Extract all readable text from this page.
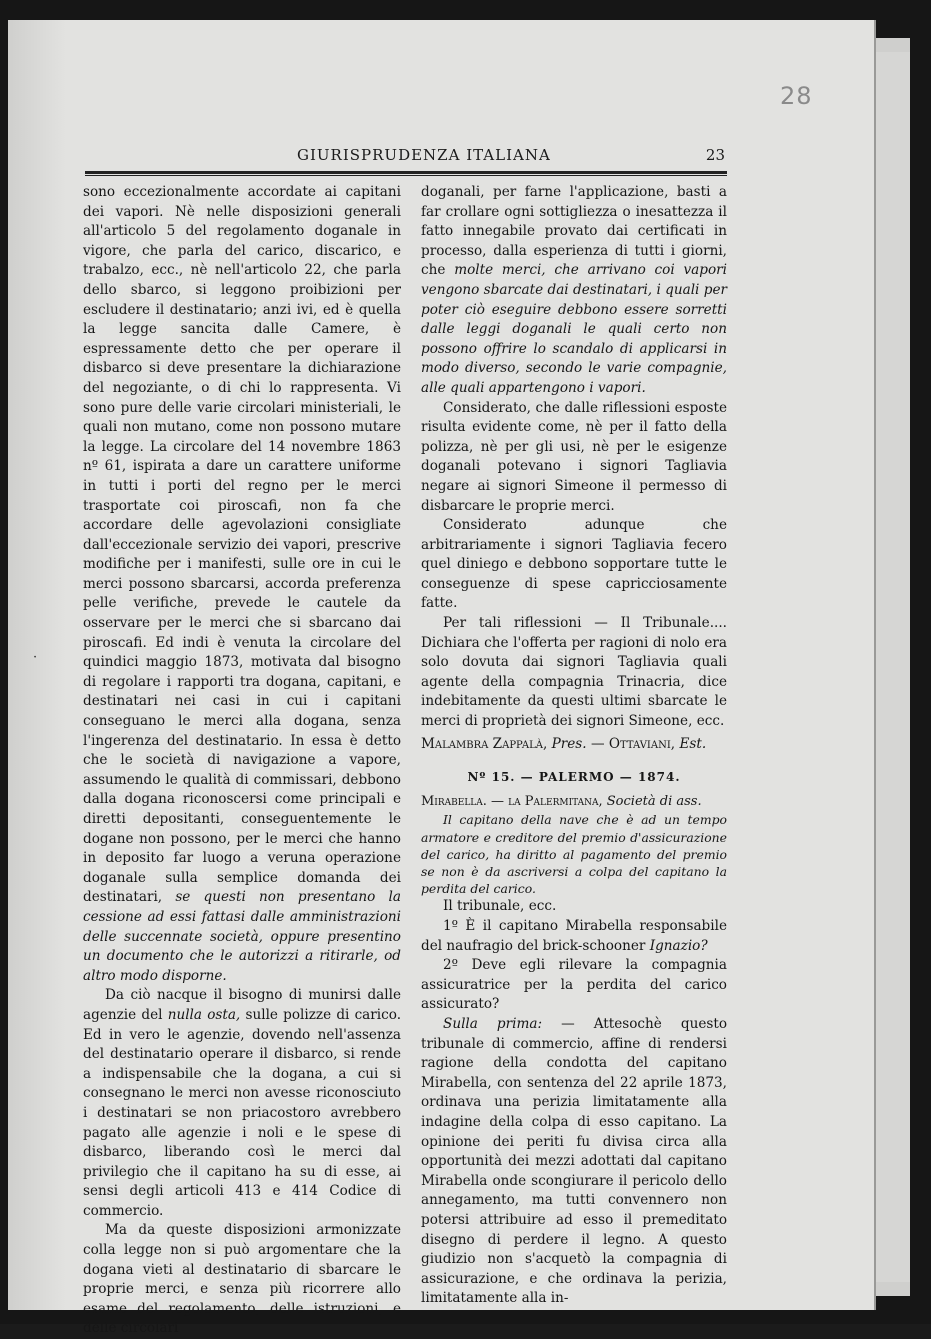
28
GIURISPRUDENZA ITALIANA	23
·

sono eccezionalmente accordate ai capitani dei vapori. Nè nelle disposizioni generali all'articolo 5 del regolamento doganale in vigore, che parla del carico, discarico, e trabalzo, ecc., nè nell'articolo 22, che parla dello sbarco, si leggono proibizioni per escludere il destinatario; anzi ivi, ed è quella la legge sancita dalle Camere, è espressamente detto che per operare il disbarco si deve presentare la dichiarazione del negoziante, o di chi lo rappresenta. Vi sono pure delle varie circolari ministeriali, le quali non mutano, come non possono mutare la legge. La circolare del 14 novembre 1863 nº 61, ispirata a dare un carattere uniforme in tutti i porti del regno per le merci trasportate coi piroscafi, non fa che accordare delle agevolazioni consigliate dall'eccezionale servizio dei vapori, prescrive modifiche per i manifesti, sulle ore in cui le merci possono sbarcarsi, accorda preferenza pelle verifiche, prevede le cautele da osservare per le merci che si sbarcano dai piroscafi. Ed indi è venuta la circolare del quindici maggio 1873, motivata dal bisogno di regolare i rapporti tra dogana, capitani, e destinatari nei casi in cui i capitani conseguano le merci alla dogana, senza l'ingerenza del destinatario. In essa è detto che le società di navigazione a vapore, assumendo le qualità di commissari, debbono dalla dogana riconoscersi come principali e diretti depositanti, conseguentemente le dogane non possono, per le merci che hanno in deposito far luogo a veruna operazione doganale sulla semplice domanda dei destinatari, se questi non presentano la cessione ad essi fattasi dalle amministrazioni delle succennate società, oppure presentino un documento che le autorizzi a ritirarle, od altro modo disporne.

Da ciò nacque il bisogno di munirsi dalle agenzie del nulla osta, sulle polizze di carico. Ed in vero le agenzie, dovendo nell'assenza del destinatario operare il disbarco, si rende a indispensabile che la dogana, a cui si consegnano le merci non avesse riconosciuto i destinatari se non priacostoro avrebbero pagato alle agenzie i noli e le spese di disbarco, liberando così le merci dal privilegio che il capitano ha su di esse, ai sensi degli articoli 413 e 414 Codice di commercio.

Ma da queste disposizioni armonizzate colla legge non si può argomentare che la dogana vieti al destinatario di sbarcare le proprie merci, e senza più ricorrere allo esame del regolamento, delle istruzioni, e delle circolari

doganali, per farne l'applicazione, basti a far crollare ogni sottigliezza o inesattezza il fatto innegabile provato dai certificati in processo, dalla esperienza di tutti i giorni, che molte merci, che arrivano coi vapori vengono sbarcate dai destinatari, i quali per poter ciò eseguire debbono essere sorretti dalle leggi doganali le quali certo non possono offrire lo scandalo di applicarsi in modo diverso, secondo le varie compagnie, alle quali appartengono i vapori.

Considerato, che dalle riflessioni esposte risulta evidente come, nè per il fatto della polizza, nè per gli usi, nè per le esigenze doganali potevano i signori Tagliavia negare ai signori Simeone il permesso di disbarcare le proprie merci.

Considerato adunque che arbitrariamente i signori Tagliavia fecero quel diniego e debbono sopportare tutte le conseguenze di spese capricciosamente fatte.

Per tali riflessioni — Il Tribunale.... Dichiara che l'offerta per ragioni di nolo era solo dovuta dai signori Tagliavia quali agente della compagnia Trinacria, dice indebitamente da questi ultimi sbarcate le merci di proprietà dei signori Simeone, ecc.

Malambra Zappalà, Pres. — Ottaviani, Est.

Nº 15. — PALERMO — 1874.

Mirabella. — la Palermitana, Società di ass.

Il capitano della nave che è ad un tempo armatore e creditore del premio d'assicurazione del carico, ha diritto al pagamento del premio se non è da ascriversi a colpa del capitano la perdita del carico.

Il tribunale, ecc.

1º È il capitano Mirabella responsabile del naufragio del brick-schooner Ignazio?

2º Deve egli rilevare la compagnia assicuratrice per la perdita del carico assicurato?

Sulla prima: — Attesochè questo tribunale di commercio, affine di rendersi ragione della condotta del capitano Mirabella, con sentenza del 22 aprile 1873, ordinava una perizia limitatamente alla indagine della colpa di esso capitano. La opinione dei periti fu divisa circa alla opportunità dei mezzi adottati dal capitano Mirabella onde scongiurare il pericolo dello annegamento, ma tutti convennero non potersi attribuire ad esso il premeditato disegno di perdere il legno. A questo giudizio non s'acquetò la compagnia di assicurazione, e che ordinava la perizia, limitatamente alla in-
